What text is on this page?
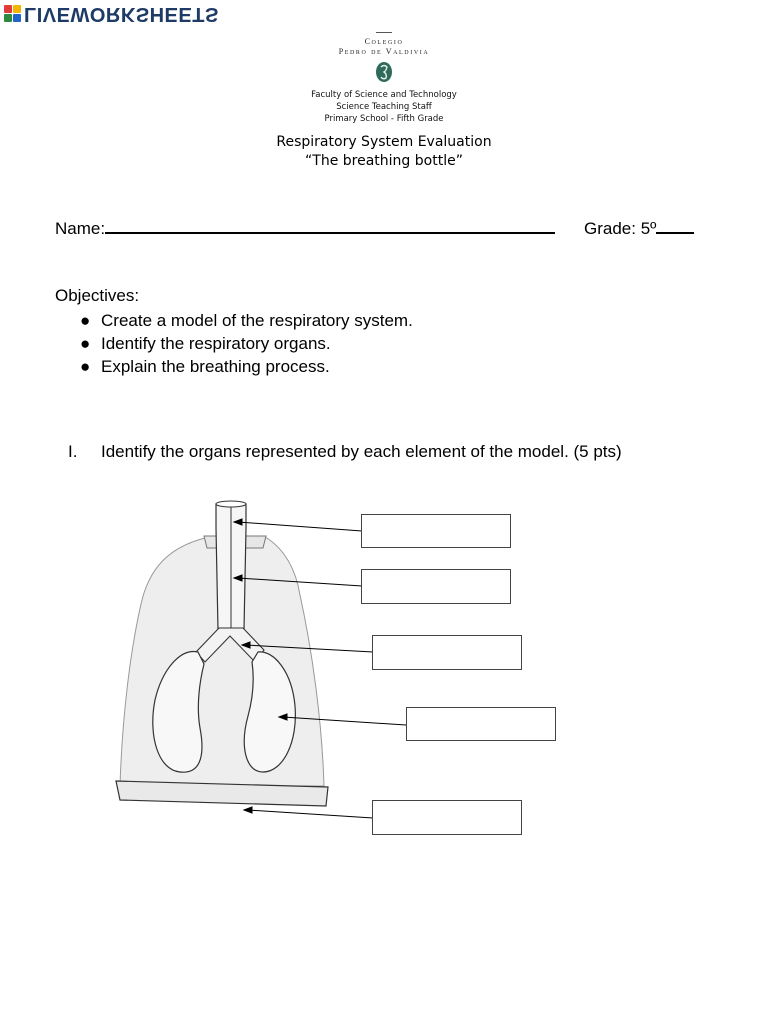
LIVEWORKSHEETS
Colegio
Pedro de Valdivia
Faculty of Science and Technology
Science Teaching Staff
Primary School - Fifth Grade
Respiratory System Evaluation
“The breathing bottle”
Name:	Grade: 5º
Objectives:
● Create a model of the respiratory system.
● Identify the respiratory organs.
● Explain the breathing process.
I. Identify the organs represented by each element of the model. (5 pts)
